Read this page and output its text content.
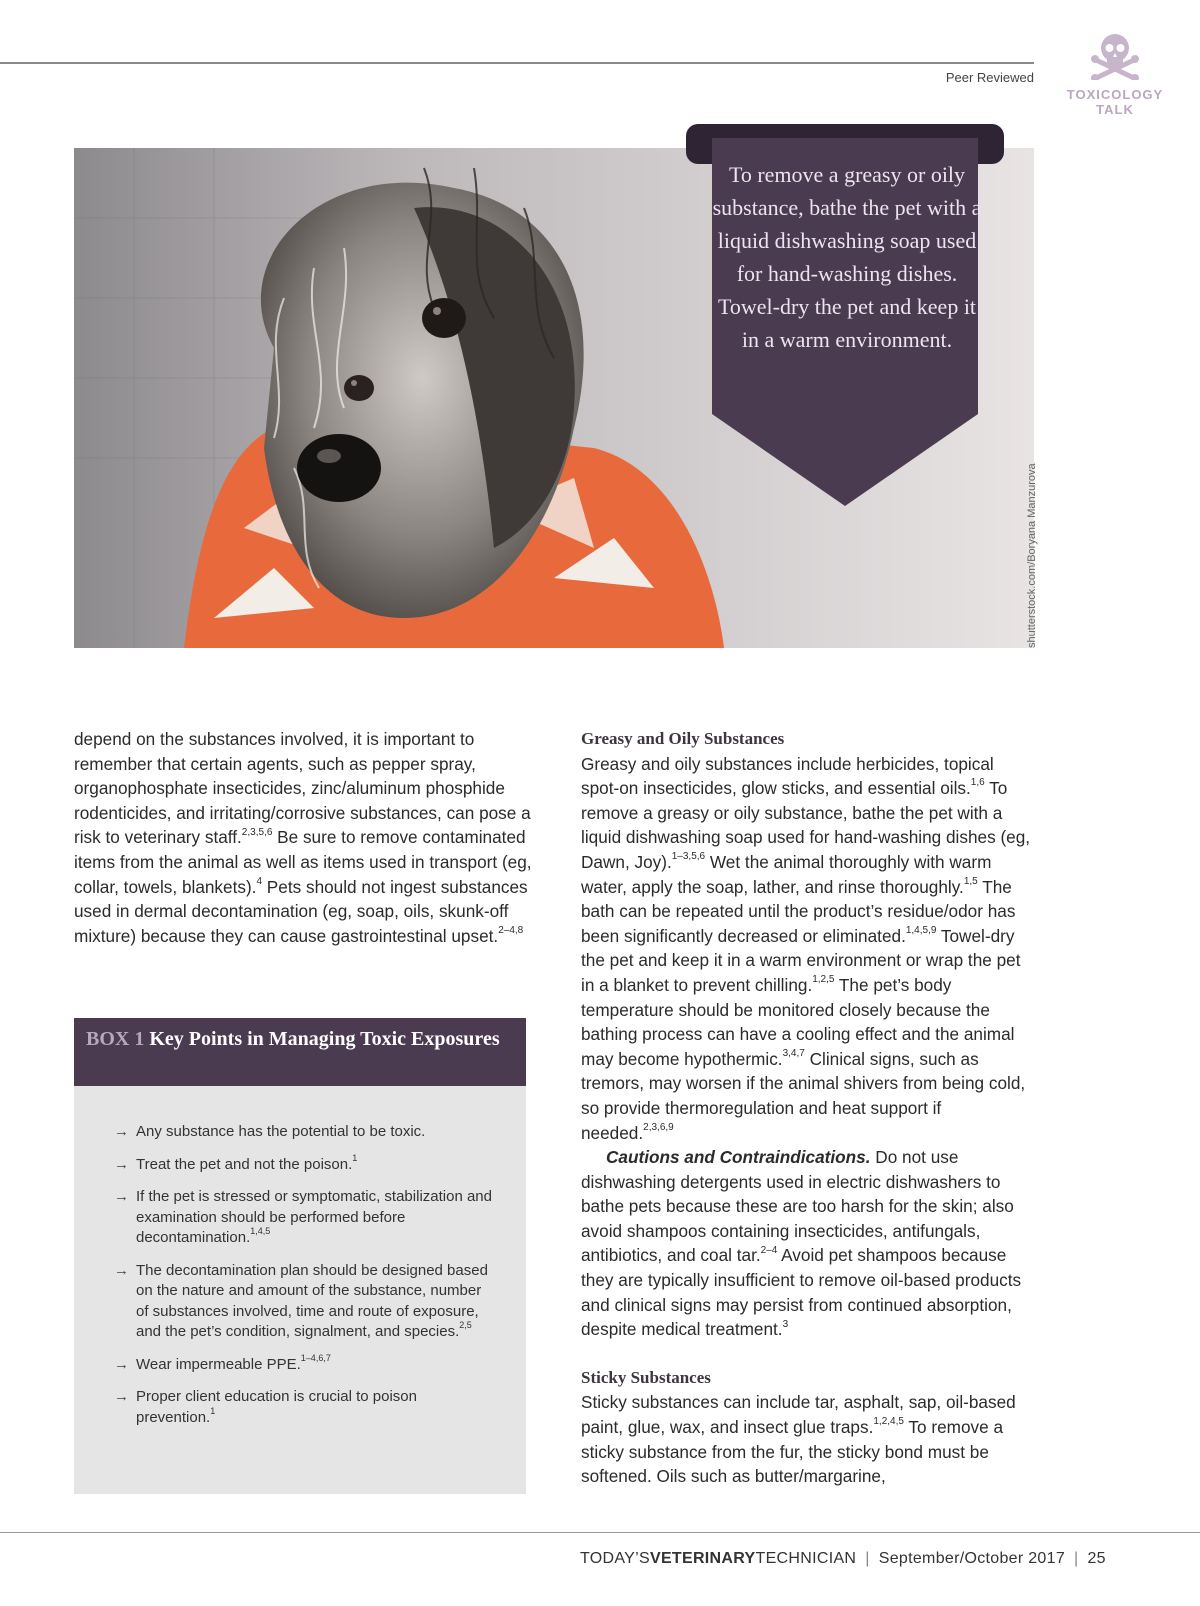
Peer Reviewed
TOXICOLOGY TALK
shutterstock.com/Boryana Manzurova
To remove a greasy or oily substance, bathe the pet with a liquid dishwashing soap used for hand-washing dishes. Towel-dry the pet and keep it in a warm environment.

depend on the substances involved, it is important to remember that certain agents, such as pepper spray, organophosphate insecticides, zinc/aluminum phosphide rodenticides, and irritating/corrosive substances, can pose a risk to veterinary staff.$^{2,3,5,6}$ Be sure to remove contaminated items from the animal as well as items used in transport (eg, collar, towels, blankets).$^4$ Pets should not ingest substances used in dermal decontamination (eg, soap, oils, skunk-off mixture) because they can cause gastrointestinal upset.$^{2-4,8}$

BOX 1 Key Points in Managing Toxic Exposures
→ Any substance has the potential to be toxic.
→ Treat the pet and not the poison.$^1$
→ If the pet is stressed or symptomatic, stabilization and examination should be performed before decontamination.$^{1,4,5}$
→ The decontamination plan should be designed based on the nature and amount of the substance, number of substances involved, time and route of exposure, and the pet’s condition, signalment, and species.$^{2,5}$
→ Wear impermeable PPE.$^{1-4,6,7}$
→ Proper client education is crucial to poison prevention.$^1$

Greasy and Oily Substances

Greasy and oily substances include herbicides, topical spot-on insecticides, glow sticks, and essential oils.$^{1,6}$ To remove a greasy or oily substance, bathe the pet with a liquid dishwashing soap used for hand-washing dishes (eg, Dawn, Joy).$^{1-3,5,6}$ Wet the animal thoroughly with warm water, apply the soap, lather, and rinse thoroughly.$^{1,5}$ The bath can be repeated until the product’s residue/odor has been significantly decreased or eliminated.$^{1,4,5,9}$ Towel-dry the pet and keep it in a warm environment or wrap the pet in a blanket to prevent chilling.$^{1,2,5}$ The pet’s body temperature should be monitored closely because the bathing process can have a cooling effect and the animal may become hypothermic.$^{3,4,7}$ Clinical signs, such as tremors, may worsen if the animal shivers from being cold, so provide thermoregulation and heat support if needed.$^{2,3,6,9}$

Cautions and Contraindications. Do not use dishwashing detergents used in electric dishwashers to bathe pets because these are too harsh for the skin; also avoid shampoos containing insecticides, antifungals, antibiotics, and coal tar.$^{2-4}$ Avoid pet shampoos because they are typically insufficient to remove oil-based products and clinical signs may persist from continued absorption, despite medical treatment.$^3$

Sticky Substances

Sticky substances can include tar, asphalt, sap, oil-based paint, glue, wax, and insect glue traps.$^{1,2,4,5}$ To remove a sticky substance from the fur, the sticky bond must be softened. Oils such as butter/margarine,

TODAY’SVETERINARYTECHNICIAN | September/October 2017 | 25
